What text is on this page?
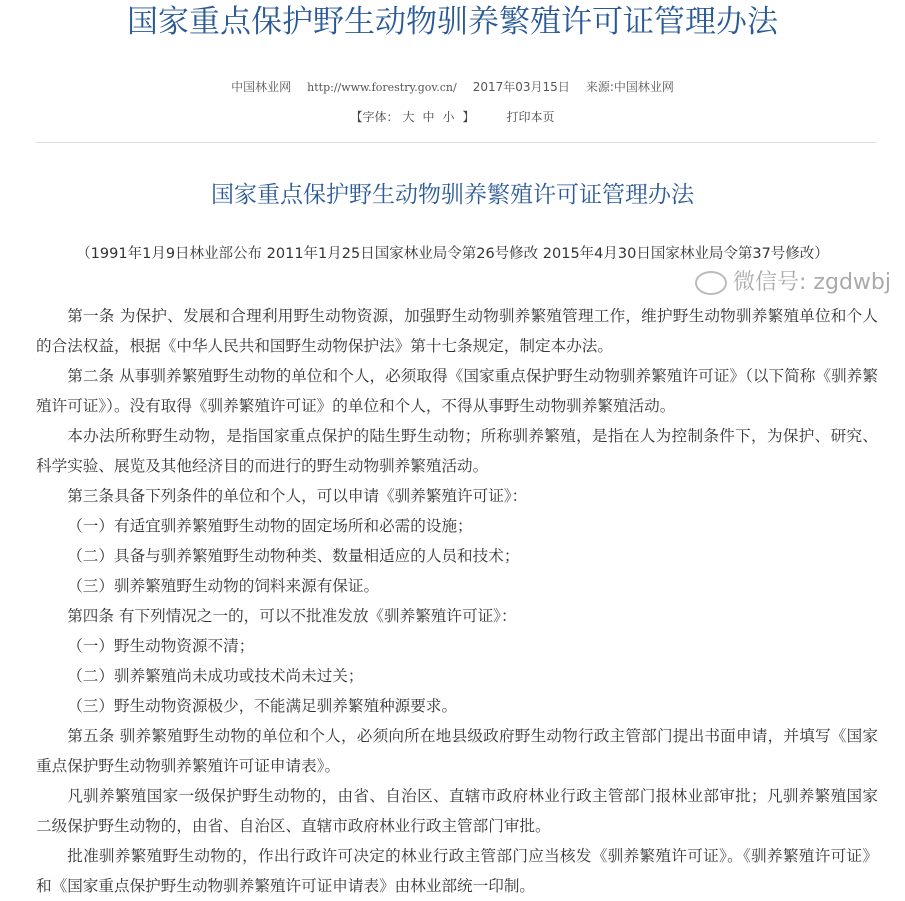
国家重点保护野生动物驯养繁殖许可证管理办法
中国林业网 http://www.forestry.gov.cn/ 2017年03月15日 来源:中国林业网
【字体： 大 中 小 】	打印本页
国家重点保护野生动物驯养繁殖许可证管理办法
（1991年1月9日林业部公布 2011年1月25日国家林业局令第26号修改 2015年4月30日国家林业局令第37号修改）
微信号: zgdwbj

第一条 为保护、发展和合理利用野生动物资源，加强野生动物驯养繁殖管理工作，维护野生动物驯养繁殖单位和个人的合法权益，根据《中华人民共和国野生动物保护法》第十七条规定，制定本办法。

第二条 从事驯养繁殖野生动物的单位和个人，必须取得《国家重点保护野生动物驯养繁殖许可证》（以下简称《驯养繁殖许可证》）。没有取得《驯养繁殖许可证》的单位和个人，不得从事野生动物驯养繁殖活动。

本办法所称野生动物，是指国家重点保护的陆生野生动物；所称驯养繁殖，是指在人为控制条件下，为保护、研究、科学实验、展览及其他经济目的而进行的野生动物驯养繁殖活动。

第三条具备下列条件的单位和个人，可以申请《驯养繁殖许可证》：

（一）有适宜驯养繁殖野生动物的固定场所和必需的设施；

（二）具备与驯养繁殖野生动物种类、数量相适应的人员和技术；

（三）驯养繁殖野生动物的饲料来源有保证。

第四条 有下列情况之一的，可以不批准发放《驯养繁殖许可证》：

（一）野生动物资源不清；

（二）驯养繁殖尚未成功或技术尚未过关；

（三）野生动物资源极少，不能满足驯养繁殖种源要求。

第五条 驯养繁殖野生动物的单位和个人，必须向所在地县级政府野生动物行政主管部门提出书面申请，并填写《国家重点保护野生动物驯养繁殖许可证申请表》。

凡驯养繁殖国家一级保护野生动物的，由省、自治区、直辖市政府林业行政主管部门报林业部审批；凡驯养繁殖国家二级保护野生动物的，由省、自治区、直辖市政府林业行政主管部门审批。

批准驯养繁殖野生动物的，作出行政许可决定的林业行政主管部门应当核发《驯养繁殖许可证》。《驯养繁殖许可证》和《国家重点保护野生动物驯养繁殖许可证申请表》由林业部统一印制。
